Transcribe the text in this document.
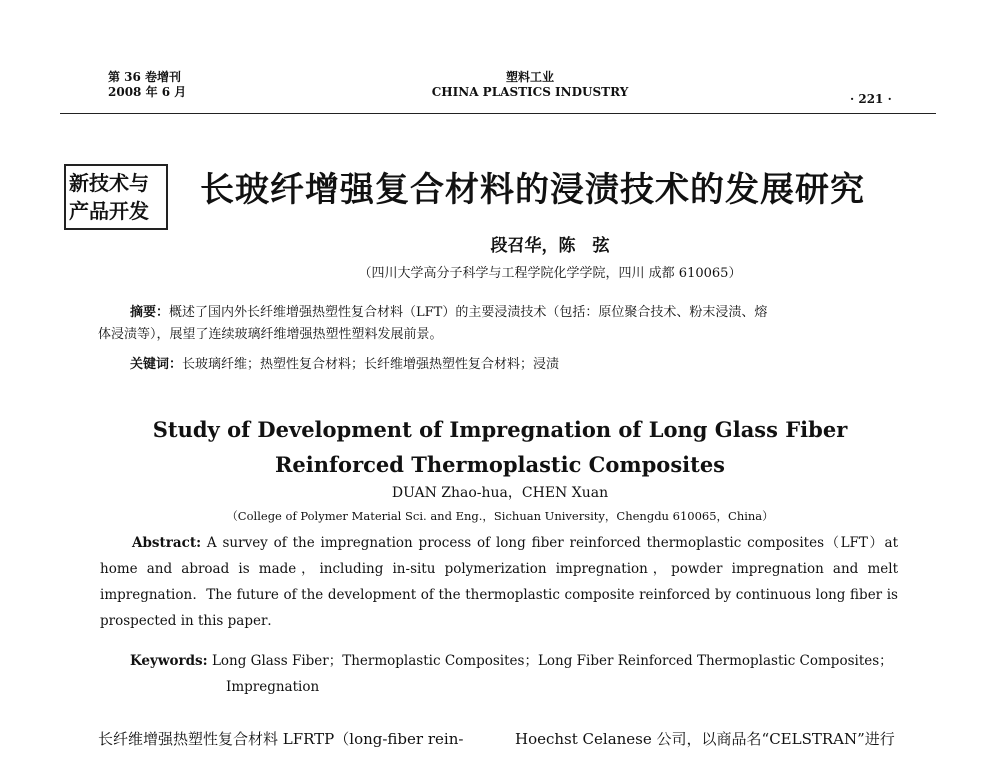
第 36 卷增刊
2008 年 6 月
塑料工业
CHINA PLASTICS INDUSTRY	· 221 ·
新技术与
产品开发
长玻纤增强复合材料的浸渍技术的发展研究
段召华，陈　弦
（四川大学高分子科学与工程学院化学学院，四川 成都 610065）
摘要：概述了国内外长纤维增强热塑性复合材料（LFT）的主要浸渍技术（包括：原位聚合技术、粉末浸渍、熔
体浸渍等），展望了连续玻璃纤维增强热塑性塑料发展前景。
关键词：长玻璃纤维；热塑性复合材料；长纤维增强热塑性复合材料；浸渍
Study of Development of Impregnation of Long Glass Fiber
Reinforced Thermoplastic Composites
DUAN Zhao-hua，CHEN Xuan
（College of Polymer Material Sci. and Eng.，Sichuan University，Chengdu 610065，China）
Abstract: A survey of the impregnation process of long fiber reinforced thermoplastic composites（LFT）at home and abroad is made，including in-situ polymerization impregnation，powder impregnation and melt impregnation．The future of the development of the thermoplastic composite reinforced by continuous long fiber is prospected in this paper．
Keywords: Long Glass Fiber；Thermoplastic Composites；Long Fiber Reinforced Thermoplastic Composites；
Impregnation
长纤维增强热塑性复合材料 LFRTP（long-fiber rein-	Hoechst Celanese 公司，以商品名“CELSTRAN”进行
